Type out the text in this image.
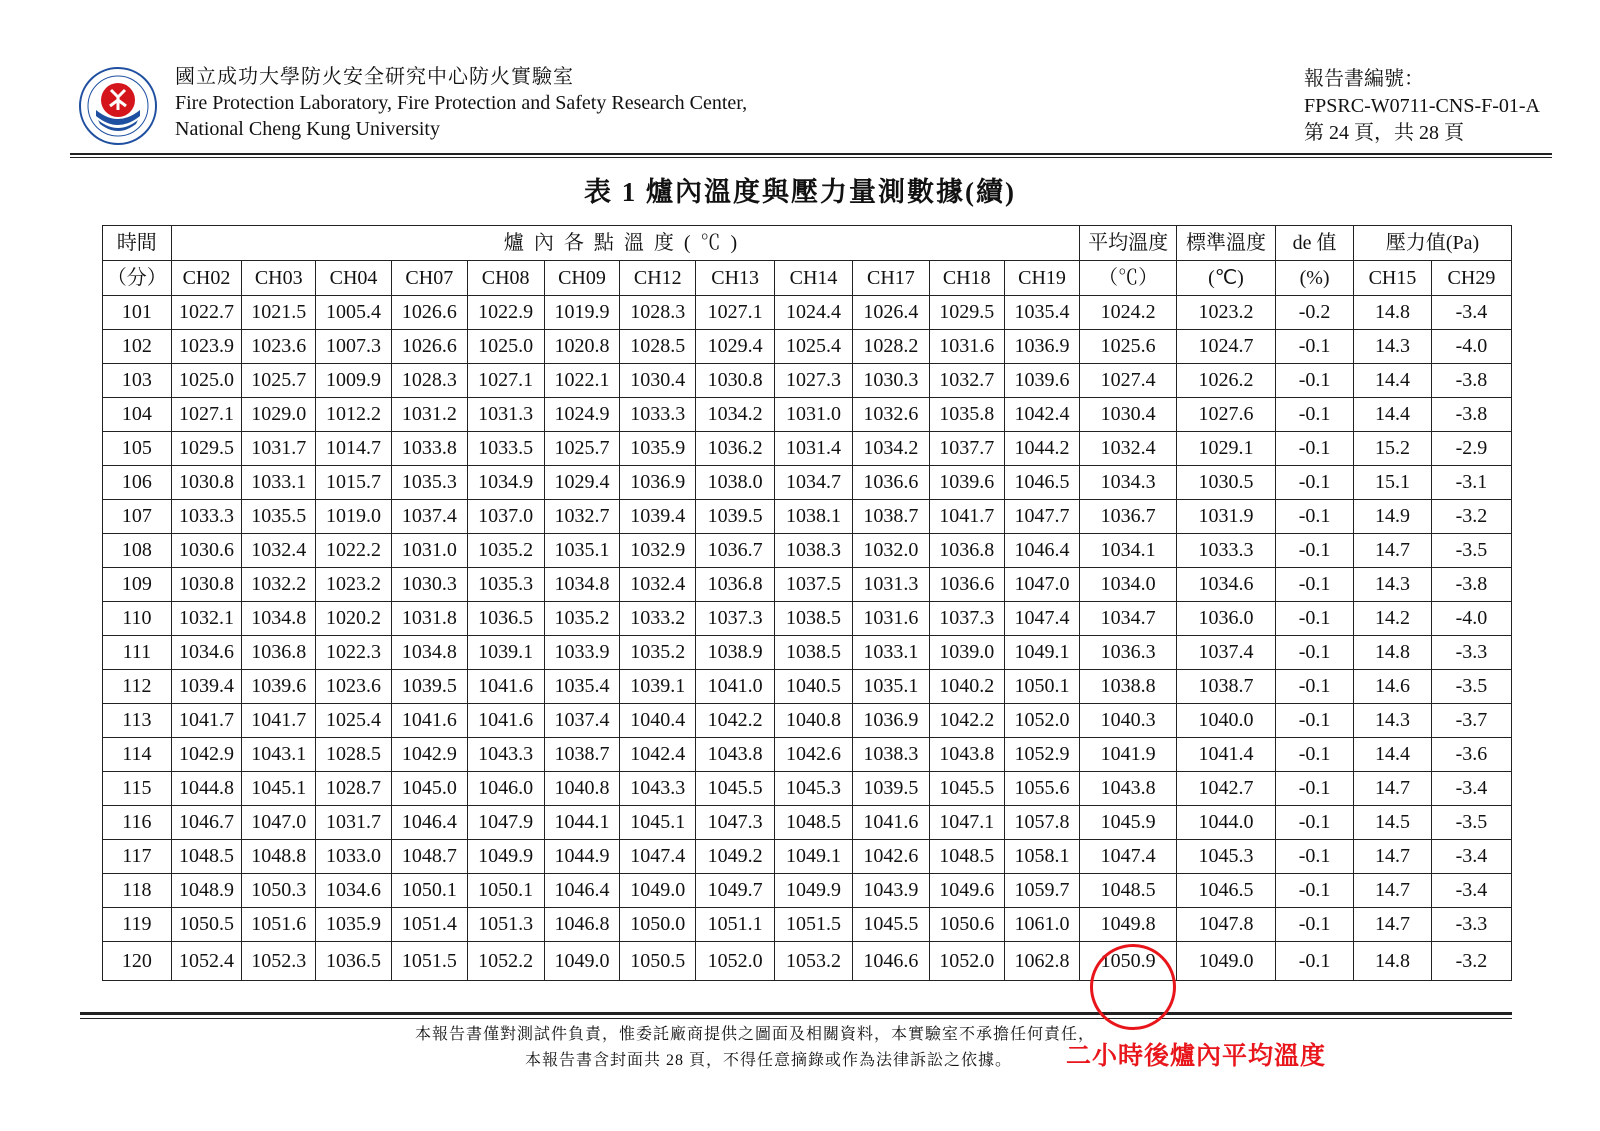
國立成功大學防火安全研究中心防火實驗室
Fire Protection Laboratory, Fire Protection and Safety Research Center,
National Cheng Kung University
報告書編號：
FPSRC-W0711-CNS-F-01-A
第 24 頁，共 28 頁
表 1 爐內溫度與壓力量測數據(續)
時間	爐內各點溫度(℃)												平均溫度	標準溫度	de 值	壓力值(Pa)	
（分）	CH02	CH03	CH04	CH07	CH08	CH09	CH12	CH13	CH14	CH17	CH18	CH19	（℃）	(℃)	(%)	CH15	CH29
101	1022.7	1021.5	1005.4	1026.6	1022.9	1019.9	1028.3	1027.1	1024.4	1026.4	1029.5	1035.4	1024.2	1023.2	-0.2	14.8	-3.4
102	1023.9	1023.6	1007.3	1026.6	1025.0	1020.8	1028.5	1029.4	1025.4	1028.2	1031.6	1036.9	1025.6	1024.7	-0.1	14.3	-4.0
103	1025.0	1025.7	1009.9	1028.3	1027.1	1022.1	1030.4	1030.8	1027.3	1030.3	1032.7	1039.6	1027.4	1026.2	-0.1	14.4	-3.8
104	1027.1	1029.0	1012.2	1031.2	1031.3	1024.9	1033.3	1034.2	1031.0	1032.6	1035.8	1042.4	1030.4	1027.6	-0.1	14.4	-3.8
105	1029.5	1031.7	1014.7	1033.8	1033.5	1025.7	1035.9	1036.2	1031.4	1034.2	1037.7	1044.2	1032.4	1029.1	-0.1	15.2	-2.9
106	1030.8	1033.1	1015.7	1035.3	1034.9	1029.4	1036.9	1038.0	1034.7	1036.6	1039.6	1046.5	1034.3	1030.5	-0.1	15.1	-3.1
107	1033.3	1035.5	1019.0	1037.4	1037.0	1032.7	1039.4	1039.5	1038.1	1038.7	1041.7	1047.7	1036.7	1031.9	-0.1	14.9	-3.2
108	1030.6	1032.4	1022.2	1031.0	1035.2	1035.1	1032.9	1036.7	1038.3	1032.0	1036.8	1046.4	1034.1	1033.3	-0.1	14.7	-3.5
109	1030.8	1032.2	1023.2	1030.3	1035.3	1034.8	1032.4	1036.8	1037.5	1031.3	1036.6	1047.0	1034.0	1034.6	-0.1	14.3	-3.8
110	1032.1	1034.8	1020.2	1031.8	1036.5	1035.2	1033.2	1037.3	1038.5	1031.6	1037.3	1047.4	1034.7	1036.0	-0.1	14.2	-4.0
111	1034.6	1036.8	1022.3	1034.8	1039.1	1033.9	1035.2	1038.9	1038.5	1033.1	1039.0	1049.1	1036.3	1037.4	-0.1	14.8	-3.3
112	1039.4	1039.6	1023.6	1039.5	1041.6	1035.4	1039.1	1041.0	1040.5	1035.1	1040.2	1050.1	1038.8	1038.7	-0.1	14.6	-3.5
113	1041.7	1041.7	1025.4	1041.6	1041.6	1037.4	1040.4	1042.2	1040.8	1036.9	1042.2	1052.0	1040.3	1040.0	-0.1	14.3	-3.7
114	1042.9	1043.1	1028.5	1042.9	1043.3	1038.7	1042.4	1043.8	1042.6	1038.3	1043.8	1052.9	1041.9	1041.4	-0.1	14.4	-3.6
115	1044.8	1045.1	1028.7	1045.0	1046.0	1040.8	1043.3	1045.5	1045.3	1039.5	1045.5	1055.6	1043.8	1042.7	-0.1	14.7	-3.4
116	1046.7	1047.0	1031.7	1046.4	1047.9	1044.1	1045.1	1047.3	1048.5	1041.6	1047.1	1057.8	1045.9	1044.0	-0.1	14.5	-3.5
117	1048.5	1048.8	1033.0	1048.7	1049.9	1044.9	1047.4	1049.2	1049.1	1042.6	1048.5	1058.1	1047.4	1045.3	-0.1	14.7	-3.4
118	1048.9	1050.3	1034.6	1050.1	1050.1	1046.4	1049.0	1049.7	1049.9	1043.9	1049.6	1059.7	1048.5	1046.5	-0.1	14.7	-3.4
119	1050.5	1051.6	1035.9	1051.4	1051.3	1046.8	1050.0	1051.1	1051.5	1045.5	1050.6	1061.0	1049.8	1047.8	-0.1	14.7	-3.3
120	1052.4	1052.3	1036.5	1051.5	1052.2	1049.0	1050.5	1052.0	1053.2	1046.6	1052.0	1062.8	1050.9	1049.0	-0.1	14.8	-3.2
本報告書僅對測試件負責，惟委託廠商提供之圖面及相關資料，本實驗室不承擔任何責任，
本報告書含封面共 28 頁，不得任意摘錄或作為法律訴訟之依據。	二小時後爐內平均溫度
